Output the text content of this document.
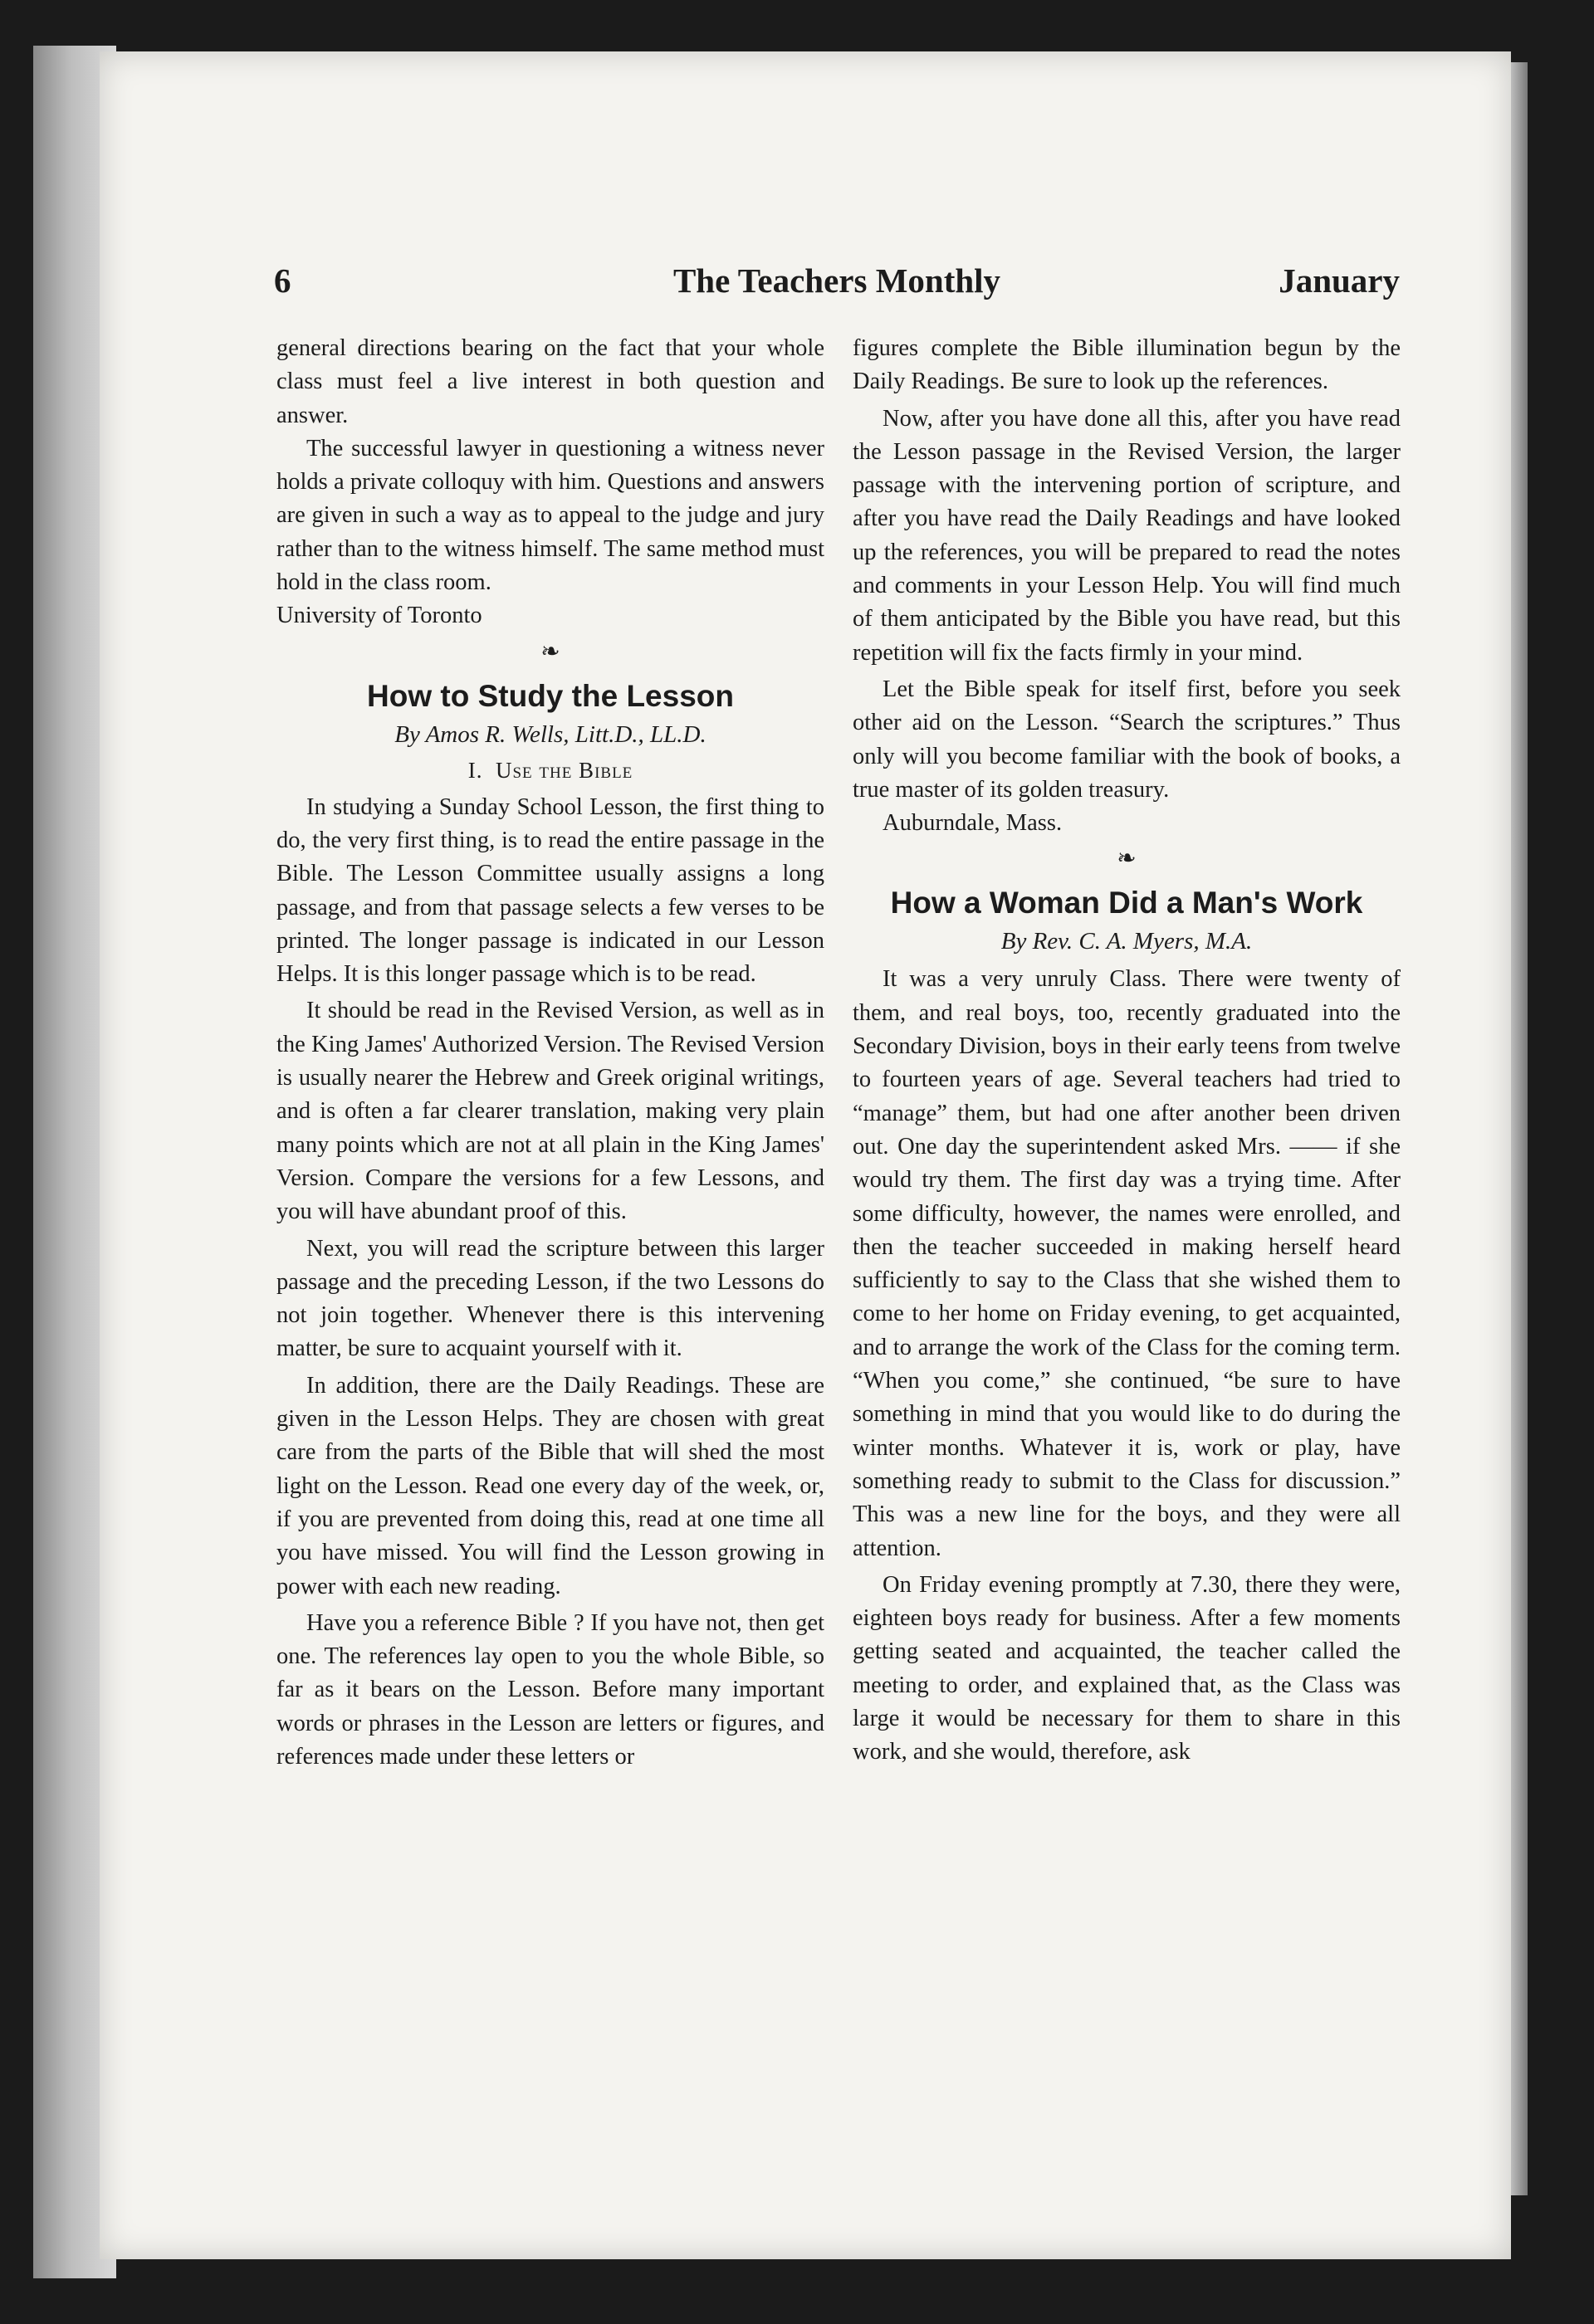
6	The Teachers Monthly	January

general directions bearing on the fact that your whole class must feel a live interest in both question and answer.

The successful lawyer in questioning a witness never holds a private colloquy with him. Questions and answers are given in such a way as to appeal to the judge and jury rather than to the witness himself. The same method must hold in the class room.

University of Toronto

❧
How to Study the Lesson
By Amos R. Wells, Litt.D., LL.D.
I. Use the Bible

In studying a Sunday School Lesson, the first thing to do, the very first thing, is to read the entire passage in the Bible. The Lesson Committee usually assigns a long passage, and from that passage selects a few verses to be printed. The longer passage is indicated in our Lesson Helps. It is this longer passage which is to be read.

It should be read in the Revised Version, as well as in the King James' Authorized Version. The Revised Version is usually nearer the Hebrew and Greek original writings, and is often a far clearer translation, making very plain many points which are not at all plain in the King James' Version. Compare the versions for a few Lessons, and you will have abundant proof of this.

Next, you will read the scripture between this larger passage and the preceding Lesson, if the two Lessons do not join together. Whenever there is this intervening matter, be sure to acquaint yourself with it.

In addition, there are the Daily Readings. These are given in the Lesson Helps. They are chosen with great care from the parts of the Bible that will shed the most light on the Lesson. Read one every day of the week, or, if you are prevented from doing this, read at one time all you have missed. You will find the Lesson growing in power with each new reading.

Have you a reference Bible ? If you have not, then get one. The references lay open to you the whole Bible, so far as it bears on the Lesson. Before many important words or phrases in the Lesson are letters or figures, and references made under these letters or

figures complete the Bible illumination begun by the Daily Readings. Be sure to look up the references.

Now, after you have done all this, after you have read the Lesson passage in the Revised Version, the larger passage with the intervening portion of scripture, and after you have read the Daily Readings and have looked up the references, you will be prepared to read the notes and comments in your Lesson Help. You will find much of them anticipated by the Bible you have read, but this repetition will fix the facts firmly in your mind.

Let the Bible speak for itself first, before you seek other aid on the Lesson. “Search the scriptures.” Thus only will you become familiar with the book of books, a true master of its golden treasury.

Auburndale, Mass.

❧
How a Woman Did a Man's Work
By Rev. C. A. Myers, M.A.

It was a very unruly Class. There were twenty of them, and real boys, too, recently graduated into the Secondary Division, boys in their early teens from twelve to fourteen years of age. Several teachers had tried to “manage” them, but had one after another been driven out. One day the superintendent asked Mrs. —— if she would try them. The first day was a trying time. After some difficulty, however, the names were enrolled, and then the teacher succeeded in making herself heard sufficiently to say to the Class that she wished them to come to her home on Friday evening, to get acquainted, and to arrange the work of the Class for the coming term. “When you come,” she continued, “be sure to have something in mind that you would like to do during the winter months. Whatever it is, work or play, have something ready to submit to the Class for discussion.” This was a new line for the boys, and they were all attention.

On Friday evening promptly at 7.30, there they were, eighteen boys ready for business. After a few moments getting seated and acquainted, the teacher called the meeting to order, and explained that, as the Class was large it would be necessary for them to share in this work, and she would, therefore, ask
